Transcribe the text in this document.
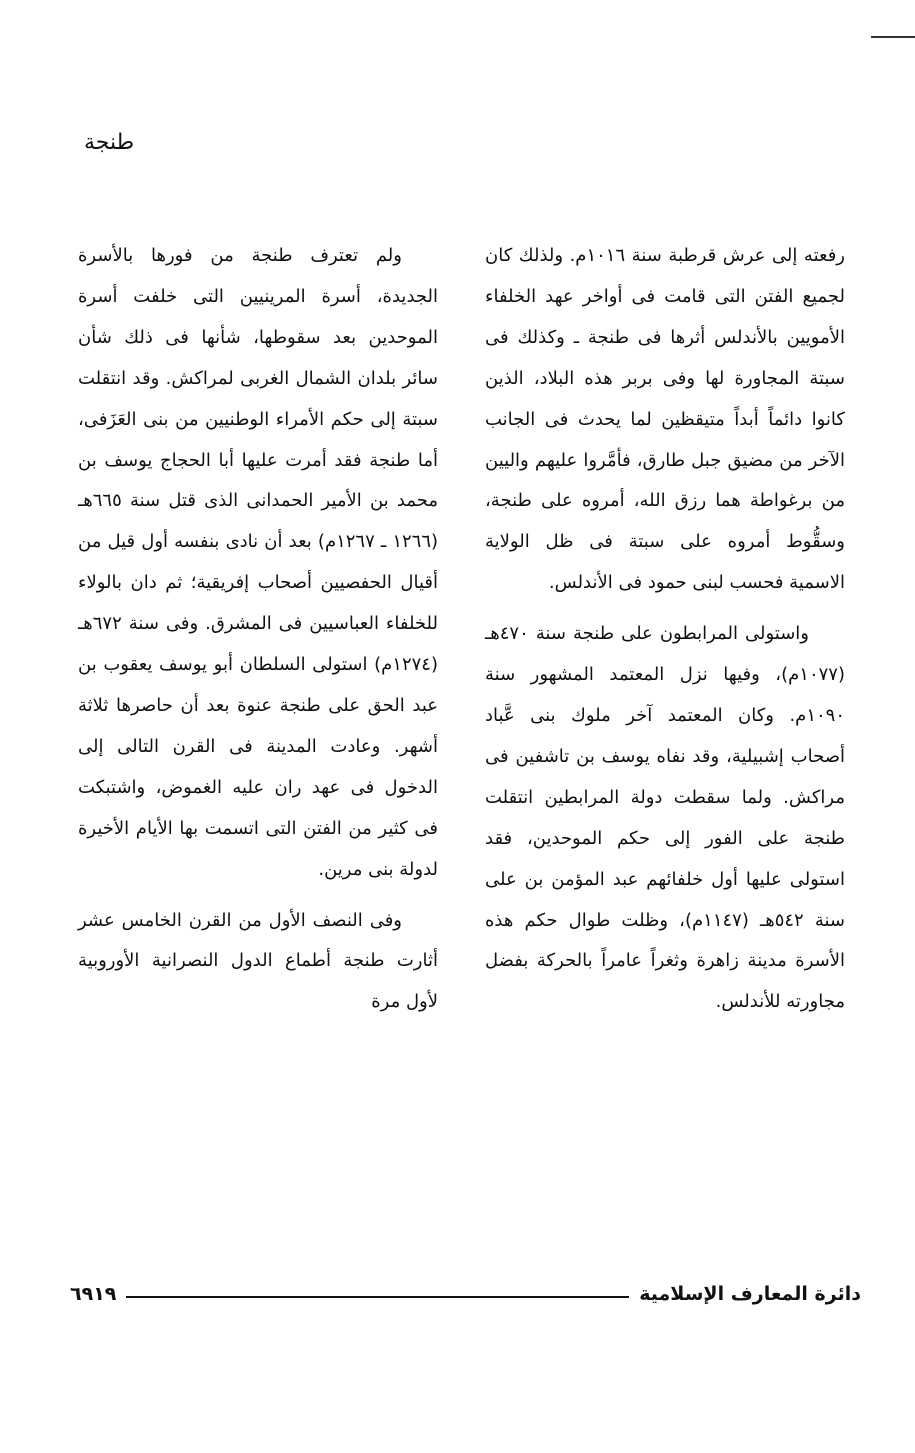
طنجة

رفعته إلى عرش قرطبة سنة ١٠١٦م. ولذلك كان لجميع الفتن التى قامت فى أواخر عهد الخلفاء الأمويين بالأندلس أثرها فى طنجة ـ وكذلك فى سبتة المجاورة لها وفى بربر هذه البلاد، الذين كانوا دائماً أبداً متيقظين لما يحدث فى الجانب الآخر من مضيق جبل طارق، فأمَّروا عليهم واليين من برغواطة هما رزق الله، أمروه على طنجة، وسقُّوط أمروه على سبتة فى ظل الولاية الاسمية فحسب لبنى حمود فى الأندلس.

واستولى المرابطون على طنجة سنة ٤٧٠هـ (١٠٧٧م)، وفيها نزل المعتمد المشهور سنة ١٠٩٠م. وكان المعتمد آخر ملوك بنى عَّباد أصحاب إشبيلية، وقد نفاه يوسف بن تاشفين فى مراكش. ولما سقطت دولة المرابطين انتقلت طنجة على الفور إلى حكم الموحدين، فقد استولى عليها أول خلفائهم عبد المؤمن بن على سنة ٥٤٢هـ (١١٤٧م)، وظلت طوال حكم هذه الأسرة مدينة زاهرة وثغراً عامراً بالحركة بفضل مجاورته للأندلس.

ولم تعترف طنجة من فورها بالأسرة الجديدة، أسرة المرينيين التى خلفت أسرة الموحدين بعد سقوطها، شأنها فى ذلك شأن سائر بلدان الشمال الغربى لمراكش. وقد انتقلت سبتة إلى حكم الأمراء الوطنيين من بنى العَزَفى، أما طنجة فقد أمرت عليها أبا الحجاج يوسف بن محمد بن الأمير الحمدانى الذى قتل سنة ٦٦٥هـ (١٢٦٦ ـ ١٢٦٧م) بعد أن نادى بنفسه أول قيل من أقيال الحفصيين أصحاب إفريقية؛ ثم دان بالولاء للخلفاء العباسيين فى المشرق. وفى سنة ٦٧٢هـ (١٢٧٤م) استولى السلطان أبو يوسف يعقوب بن عبد الحق على طنجة عنوة بعد أن حاصرها ثلاثة أشهر. وعادت المدينة فى القرن التالى إلى الدخول فى عهد ران عليه الغموض، واشتبكت فى كثير من الفتن التى اتسمت بها الأيام الأخيرة لدولة بنى مرين.

وفى النصف الأول من القرن الخامس عشر أثارت طنجة أطماع الدول النصرانية الأوروبية لأول مرة

دائرة المعارف الإسلامية
٦٩١٩
